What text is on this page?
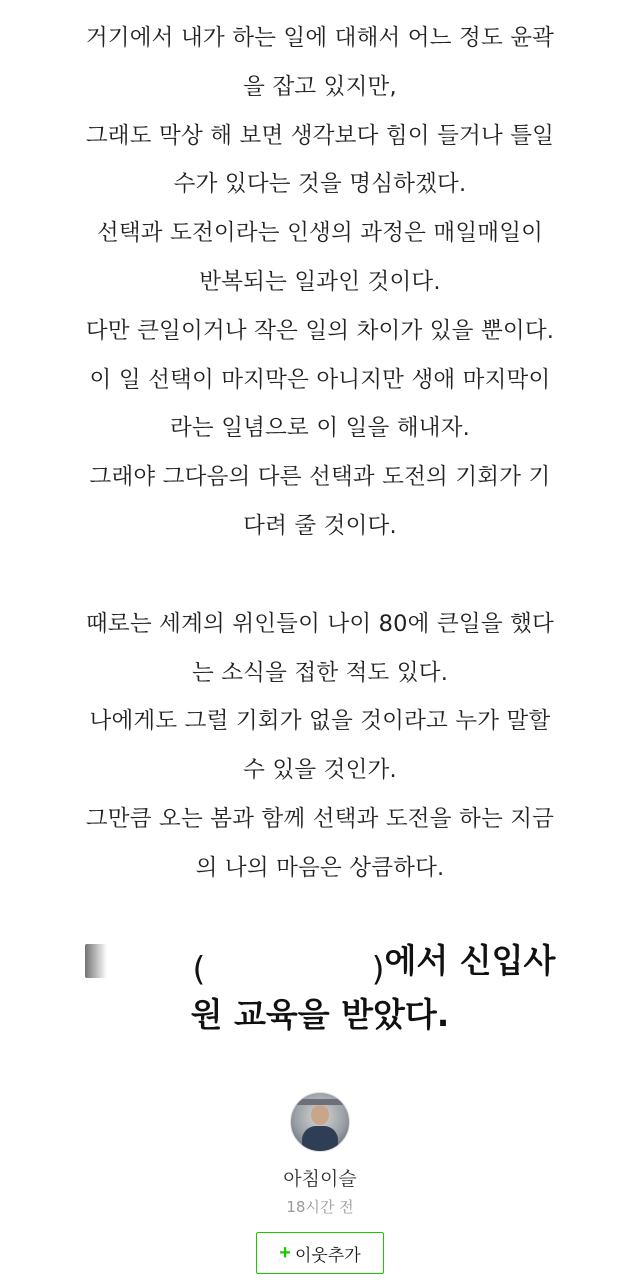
거기에서 내가 하는 일에 대해서 어느 정도 윤곽
을 잡고 있지만,
그래도 막상 해 보면 생각보다 힘이 들거나 틀일
수가 있다는 것을 명심하겠다.
선택과 도전이라는 인생의 과정은 매일매일이
반복되는 일과인 것이다.
다만 큰일이거나 작은 일의 차이가 있을 뿐이다.
이 일 선택이 마지막은 아니지만 생애 마지막이
라는 일념으로 이 일을 해내자.
그래야 그다음의 다른 선택과 도전의 기회가 기
다려 줄 것이다.
때로는 세계의 위인들이 나이 80에 큰일을 했다
는 소식을 접한 적도 있다.
나에게도 그럴 기회가 없을 것이라고 누가 말할
수 있을 것인가.
그만큼 오는 봄과 함께 선택과 도전을 하는 지금
의 나의 마음은 상큼하다.
(	) 에서 신입사
원 교육을 받았다.
아침이슬
18시간 전
+ 이웃추가
